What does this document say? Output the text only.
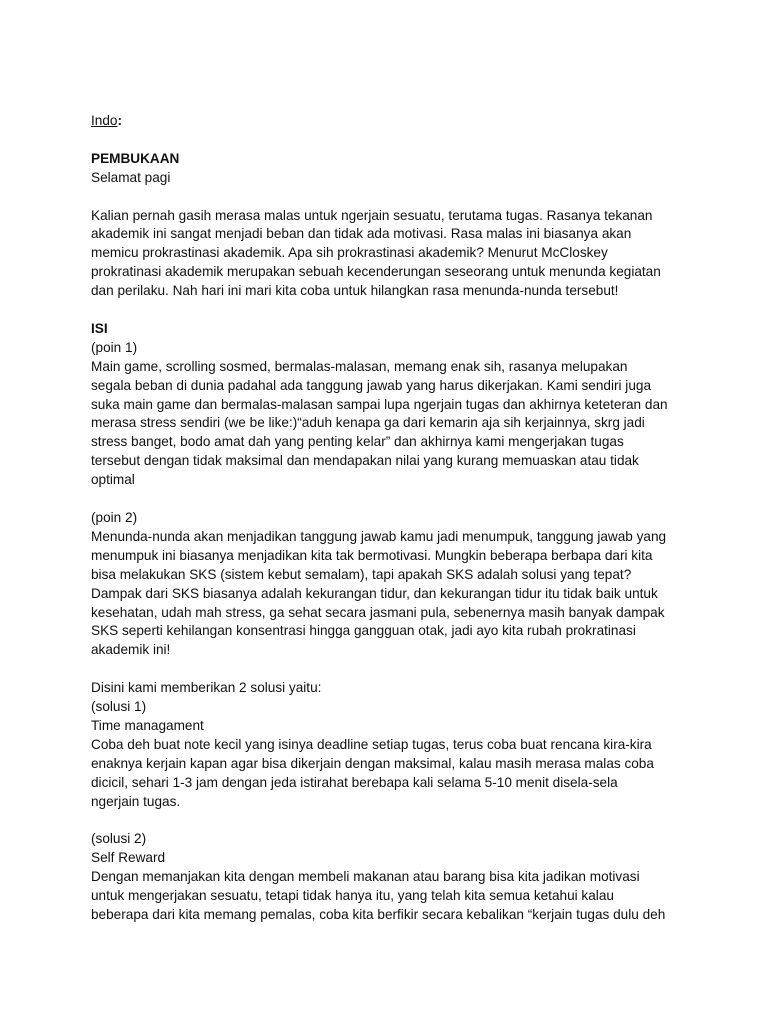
Indo:
PEMBUKAAN
Selamat pagi
Kalian pernah gasih merasa malas untuk ngerjain sesuatu, terutama tugas. Rasanya tekanan
akademik ini sangat menjadi beban dan tidak ada motivasi. Rasa malas ini biasanya akan
memicu prokrastinasi akademik. Apa sih prokrastinasi akademik? Menurut McCloskey
prokratinasi akademik merupakan sebuah kecenderungan seseorang untuk menunda kegiatan
dan perilaku. Nah hari ini mari kita coba untuk hilangkan rasa menunda-nunda tersebut!
ISI
(poin 1)
Main game, scrolling sosmed, bermalas-malasan, memang enak sih, rasanya melupakan
segala beban di dunia padahal ada tanggung jawab yang harus dikerjakan. Kami sendiri juga
suka main game dan bermalas-malasan sampai lupa ngerjain tugas dan akhirnya keteteran dan
merasa stress sendiri (we be like:)“aduh kenapa ga dari kemarin aja sih kerjainnya, skrg jadi
stress banget, bodo amat dah yang penting kelar” dan akhirnya kami mengerjakan tugas
tersebut dengan tidak maksimal dan mendapakan nilai yang kurang memuaskan atau tidak
optimal
(poin 2)
Menunda-nunda akan menjadikan tanggung jawab kamu jadi menumpuk, tanggung jawab yang
menumpuk ini biasanya menjadikan kita tak bermotivasi. Mungkin beberapa berbapa dari kita
bisa melakukan SKS (sistem kebut semalam), tapi apakah SKS adalah solusi yang tepat?
Dampak dari SKS biasanya adalah kekurangan tidur, dan kekurangan tidur itu tidak baik untuk
kesehatan, udah mah stress, ga sehat secara jasmani pula, sebenernya masih banyak dampak
SKS seperti kehilangan konsentrasi hingga gangguan otak, jadi ayo kita rubah prokratinasi
akademik ini!
Disini kami memberikan 2 solusi yaitu:
(solusi 1)
Time managament
Coba deh buat note kecil yang isinya deadline setiap tugas, terus coba buat rencana kira-kira
enaknya kerjain kapan agar bisa dikerjain dengan maksimal, kalau masih merasa malas coba
dicicil, sehari 1-3 jam dengan jeda istirahat berebapa kali selama 5-10 menit disela-sela
ngerjain tugas.
(solusi 2)
Self Reward
Dengan memanjakan kita dengan membeli makanan atau barang bisa kita jadikan motivasi
untuk mengerjakan sesuatu, tetapi tidak hanya itu, yang telah kita semua ketahui kalau
beberapa dari kita memang pemalas, coba kita berfikir secara kebalikan “kerjain tugas dulu deh
